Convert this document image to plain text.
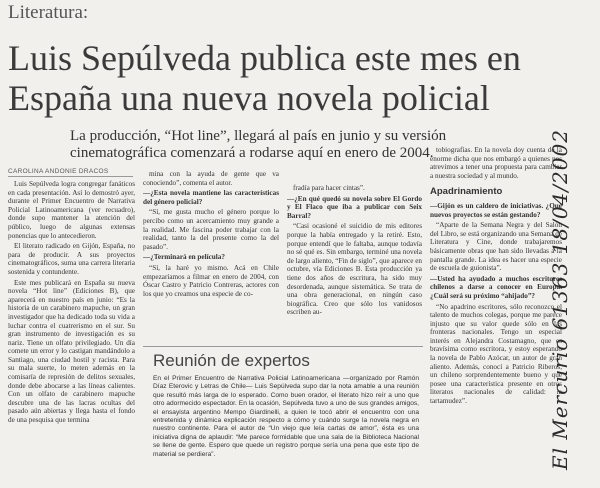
Literatura:
Luis Sepúlveda publica este mes en España una nueva novela policial

La producción, “Hot line”, llegará al país en junio y su versión cinematográfica comenzará a rodarse aquí en enero de 2004.

CAROLINA ANDONIE DRACOS

Luis Sepúlveda logra congregar fanáticos en cada presentación. Así lo demostró ayer, durante el Primer Encuentro de Narrativa Policial Latinoamericana (ver recuadro), donde supo mantener la atención del público, luego de algunas extensas ponencias que lo antecedieron.

El literato radicado en Gijón, España, no para de producir. A sus proyectos cinematográficos, suma una carrera literaria sostenida y contundente.

Este mes publicará en España su nueva novela “Hot line” (Ediciones B), que aparecerá en nuestro país en junio: “Es la historia de un carabinero mapuche, un gran investigador que ha dedicado toda su vida a luchar contra el cuatrerismo en el sur. Su gran instrumento de investigación es su nariz. Tiene un olfato privilegiado. Un día comete un error y lo castigan mandándolo a Santiago, una ciudad hostil y racista. Para su mala suerte, lo meten además en la comisaría de represión de delitos sexuales, donde debe abocarse a las líneas calientes. Con un olfato de carabinero mapuche descubre una de las lacras ocultas del pasado aún abiertas y llega hasta el fondo de una pesquisa que termina

mina con la ayuda de gente que va conociendo”, comenta el autor.

—¿Esta novela mantiene las características del género policial?

“Sí, me gusta mucho el género porque lo percibo como un acercamiento muy grande a la realidad. Me fascina poder trabajar con la realidad, tanto la del presente como la del pasado”.

—¿Terminará en película?

“Sí, la haré yo mismo. Acá en Chile empezaríamos a filmar en enero de 2004, con Óscar Castro y Patricio Contreras, actores con los que yo creamos una especie de co-

fradía para hacer cintas”.

—¿En qué quedó su novela sobre El Gordo y El Flaco que iba a publicar con Seix Barral?

“Casi ocasioné el suicidio de mis editores porque la había entregado y la retiré. Esto, porque entendí que le faltaba, aunque todavía no sé qué es. Sin embargo, terminé una novela de largo aliento, “Fin de siglo”, que aparece en octubre, vía Ediciones B. Esta producción ya tiene dos años de escritura, ha sido muy desordenada, aunque sistemática. Se trata de una obra generacional, en ningún caso biográfica. Creo que sólo los vanidosos escriben au-

tobiografías. En la novela doy cuenta de la enorme dicha que nos embargó a quienes nos atrevimos a tener una propuesta para cambiar a nuestra sociedad y al mundo.

Apadrinamiento

—Gijón es un caldero de iniciativas. ¿Qué nuevos proyectos se están gestando?

“Aparte de la Semana Negra y del Salón del Libro, se está organizando una Semana de Literatura y Cine, donde trabajaremos básicamente obras que han sido llevadas a la pantalla grande. La idea es hacer una especie de escuela de guionista”.

—Usted ha ayudado a muchos escritores chilenos a darse a conocer en Europa. ¿Cuál será su próximo “ahijado”?

“No apadrino escritores, sólo reconozco el talento de muchos colegas, porque me parece injusto que su valor quede sólo en las fronteras nacionales. Tengo un especial interés en Alejandra Costamagno, que es bravísima como escritora, y estoy esperando la novela de Pablo Azócar, un autor de gran aliento. Además, conocí a Patricio Riberos, un chileno sorprendentemente bueno y que posee una característica presente en otros literatos nacionales de calidad: la tartamudez”.

Reunión de expertos
En el Primer Encuentro de Narrativa Policial Latinoamericana —organizado por Ramón Díaz Eterovic y Letras de Chile— Luis Sepúlveda supo dar la nota amable a una reunión que resultó más larga de lo esperado. Como buen orador, el literato hizo reír a uno que otro adormecido espectador. En la ocasión, Sepúlveda tuvo a uno de sus grandes amigos, el ensayista argentino Mempo Giardinelli, a quien le tocó abrir el encuentro con una entretenida y dinámica explicación respecto a cómo y cuándo surge la novela negra en nuestro continente. Para el autor de “Un viejo que leía cartas de amor”, ésta es una iniciativa digna de aplaudir: “Me parece formidable que una sala de la Biblioteca Nacional se llene de gente. Espero que quede un registro porque sería una pena que este tipo de material se perdiera”.	El Mercurio 61363 18/04/2002
